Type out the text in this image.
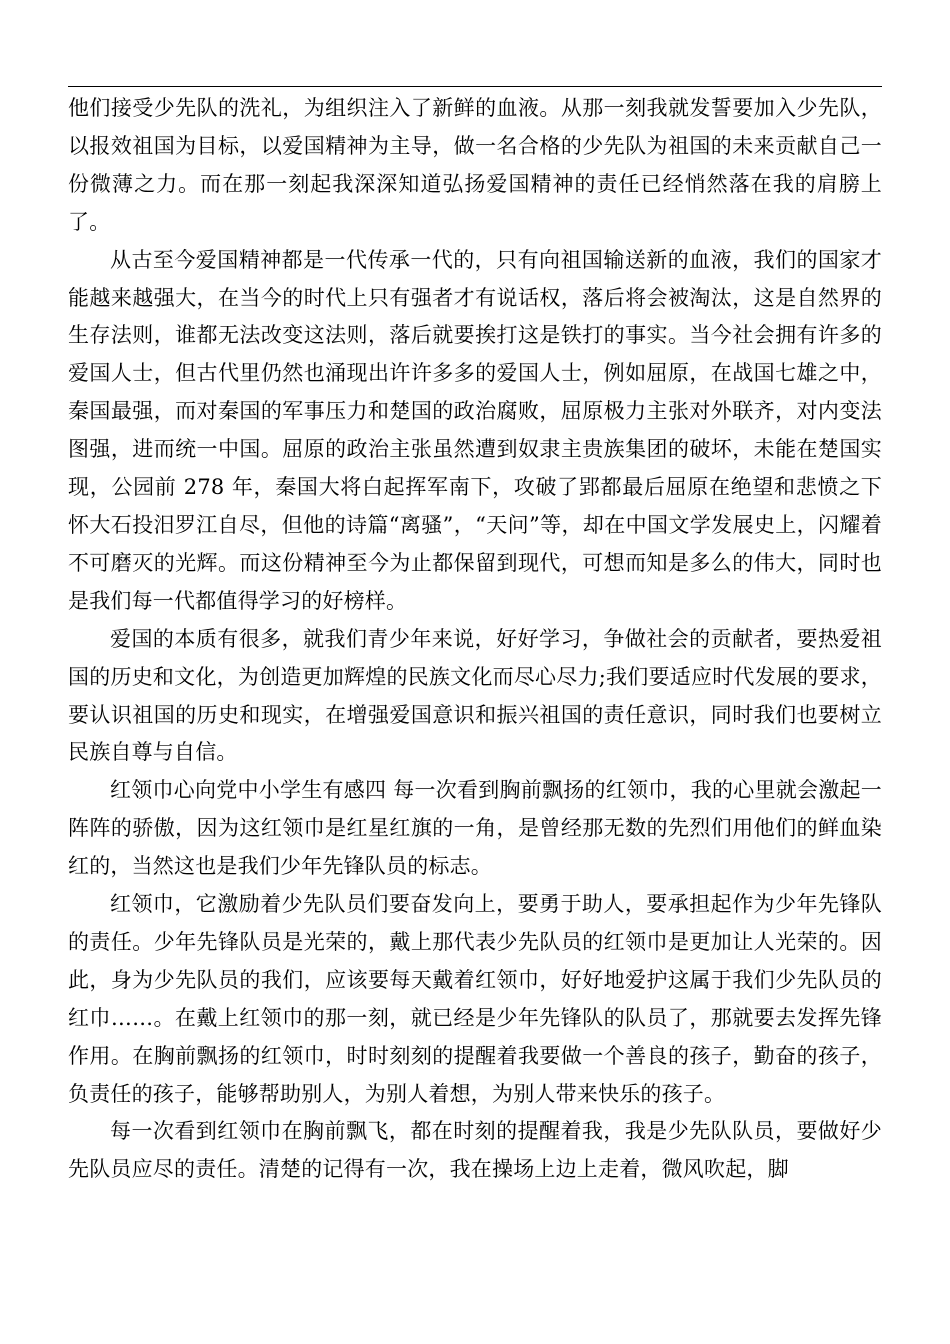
他们接受少先队的洗礼，为组织注入了新鲜的血液。从那一刻我就发誓要加入少先队，以报效祖国为目标，以爱国精神为主导，做一名合格的少先队为祖国的未来贡献自己一份微薄之力。而在那一刻起我深深知道弘扬爱国精神的责任已经悄然落在我的肩膀上了。

从古至今爱国精神都是一代传承一代的，只有向祖国输送新的血液，我们的国家才能越来越强大，在当今的时代上只有强者才有说话权，落后将会被淘汰，这是自然界的生存法则，谁都无法改变这法则，落后就要挨打这是铁打的事实。当今社会拥有许多的爱国人士，但古代里仍然也涌现出许许多多的爱国人士，例如屈原，在战国七雄之中，秦国最强，而对秦国的军事压力和楚国的政治腐败，屈原极力主张对外联齐，对内变法图强，进而统一中国。屈原的政治主张虽然遭到奴隶主贵族集团的破坏，未能在楚国实现，公园前 278 年，秦国大将白起挥军南下，攻破了郢都最后屈原在绝望和悲愤之下怀大石投汨罗江自尽，但他的诗篇“离骚”，“天问”等，却在中国文学发展史上，闪耀着不可磨灭的光辉。而这份精神至今为止都保留到现代，可想而知是多么的伟大，同时也是我们每一代都值得学习的好榜样。

爱国的本质有很多，就我们青少年来说，好好学习，争做社会的贡献者，要热爱祖国的历史和文化，为创造更加辉煌的民族文化而尽心尽力;我们要适应时代发展的要求，要认识祖国的历史和现实，在增强爱国意识和振兴祖国的责任意识，同时我们也要树立民族自尊与自信。

红领巾心向党中小学生有感四 每一次看到胸前飘扬的红领巾，我的心里就会激起一阵阵的骄傲，因为这红领巾是红星红旗的一角，是曾经那无数的先烈们用他们的鲜血染红的，当然这也是我们少年先锋队员的标志。

红领巾，它激励着少先队员们要奋发向上，要勇于助人，要承担起作为少年先锋队的责任。少年先锋队员是光荣的，戴上那代表少先队员的红领巾是更加让人光荣的。因此，身为少先队员的我们，应该要每天戴着红领巾，好好地爱护这属于我们少先队员的红巾……。在戴上红领巾的那一刻，就已经是少年先锋队的队员了，那就要去发挥先锋作用。在胸前飘扬的红领巾，时时刻刻的提醒着我要做一个善良的孩子，勤奋的孩子，负责任的孩子，能够帮助别人，为别人着想，为别人带来快乐的孩子。

每一次看到红领巾在胸前飘飞，都在时刻的提醒着我，我是少先队队员，要做好少先队员应尽的责任。清楚的记得有一次，我在操场上边上走着，微风吹起，脚
